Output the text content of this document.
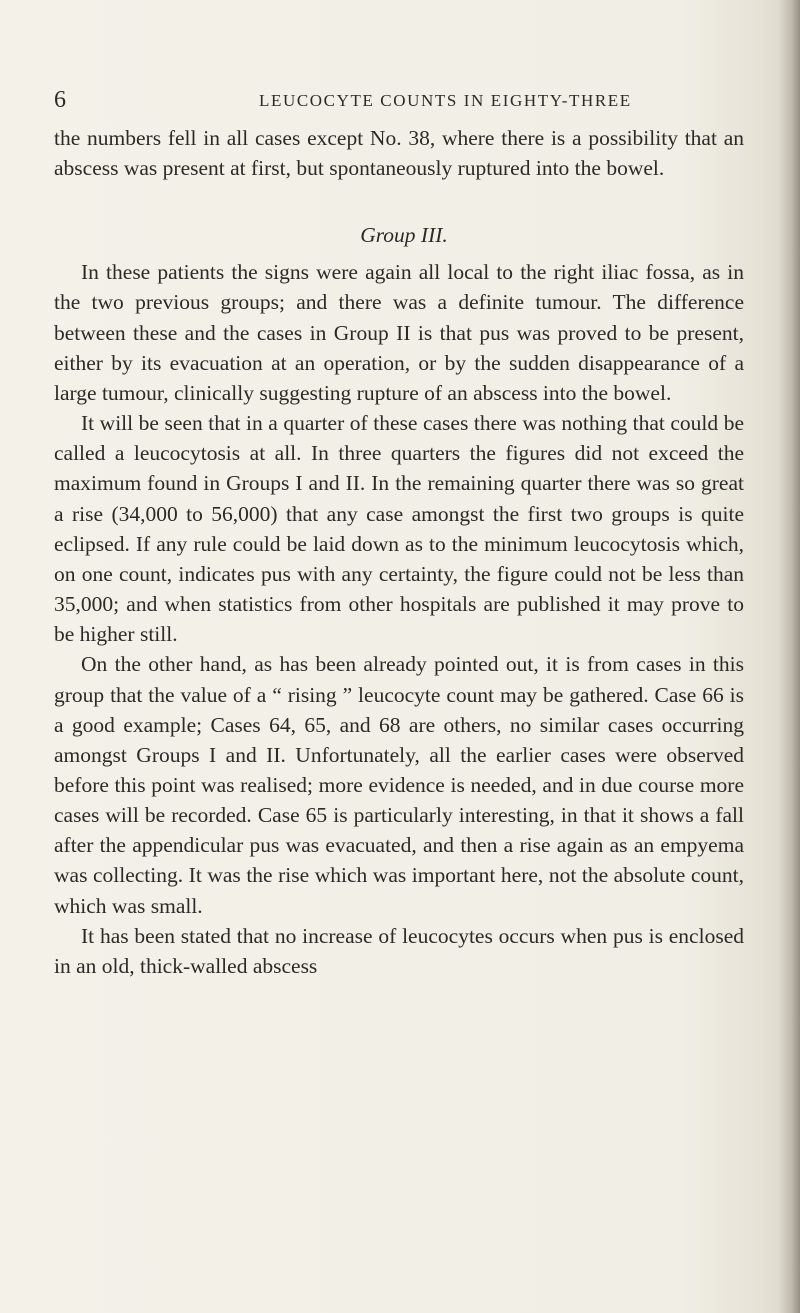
6	LEUCOCYTE COUNTS IN EIGHTY-THREE

the numbers fell in all cases except No. 38, where there is a possibility that an abscess was present at first, but spontaneously ruptured into the bowel.

Group III.

In these patients the signs were again all local to the right iliac fossa, as in the two previous groups; and there was a definite tumour. The difference between these and the cases in Group II is that pus was proved to be present, either by its evacuation at an operation, or by the sudden disappearance of a large tumour, clinically suggesting rupture of an abscess into the bowel.

It will be seen that in a quarter of these cases there was nothing that could be called a leucocytosis at all. In three quarters the figures did not exceed the maximum found in Groups I and II. In the remaining quarter there was so great a rise (34,000 to 56,000) that any case amongst the first two groups is quite eclipsed. If any rule could be laid down as to the minimum leucocytosis which, on one count, indicates pus with any certainty, the figure could not be less than 35,000; and when statistics from other hospitals are published it may prove to be higher still.

On the other hand, as has been already pointed out, it is from cases in this group that the value of a “ rising ” leucocyte count may be gathered. Case 66 is a good example; Cases 64, 65, and 68 are others, no similar cases occurring amongst Groups I and II. Unfortunately, all the earlier cases were observed before this point was realised; more evidence is needed, and in due course more cases will be recorded. Case 65 is particularly interesting, in that it shows a fall after the appendicular pus was evacuated, and then a rise again as an empyema was collecting. It was the rise which was important here, not the absolute count, which was small.

It has been stated that no increase of leucocytes occurs when pus is enclosed in an old, thick-walled abscess
